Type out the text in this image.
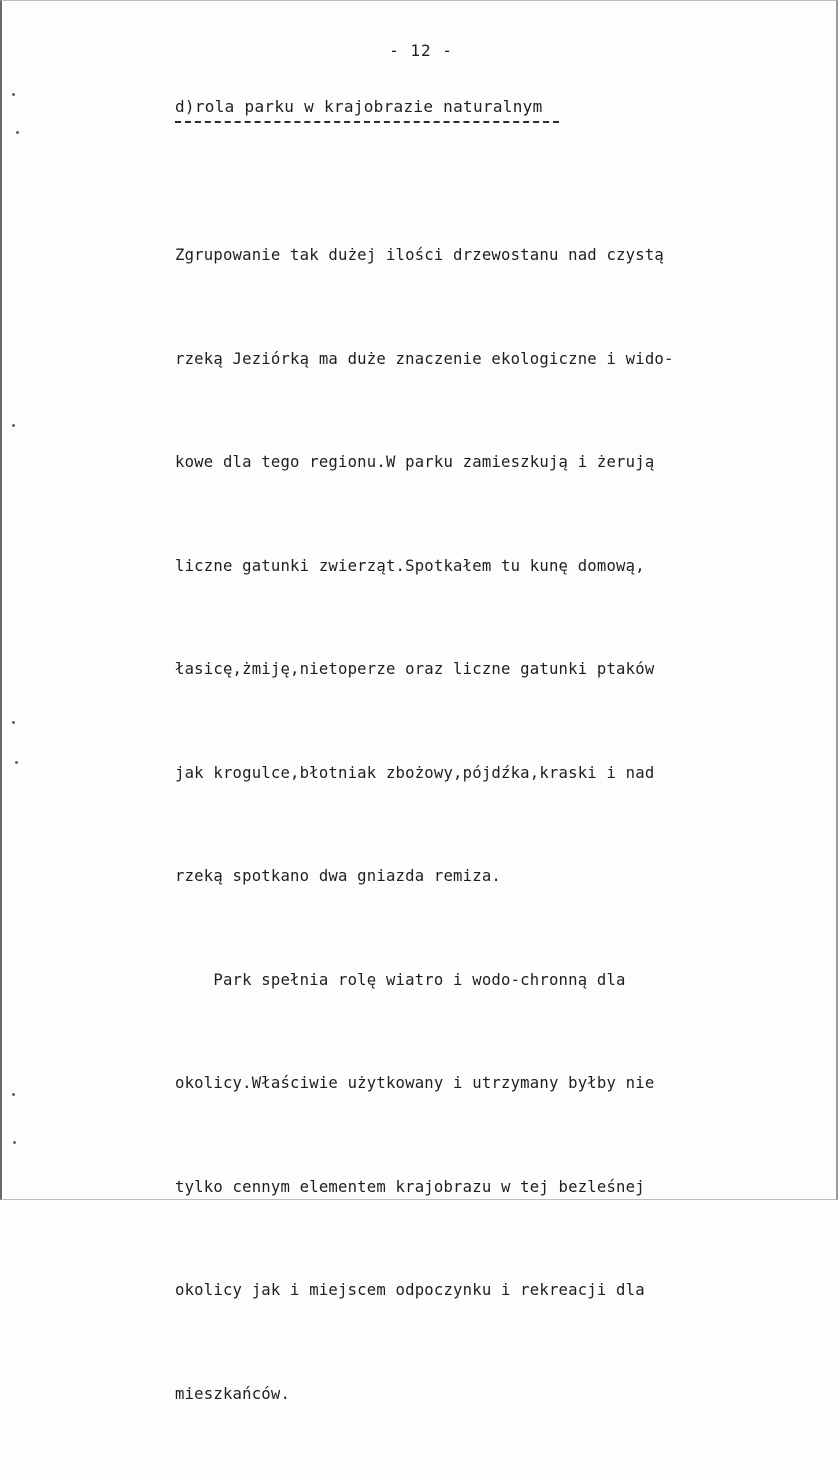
- 12 -
d)rola parku w krajobrazie naturalnym

Zgrupowanie tak dużej ilości drzewostanu nad czystą

rzeką Jeziórką ma duże znaczenie ekologiczne i wido-

kowe dla tego regionu.W parku zamieszkują i żerują

liczne gatunki zwierząt.Spotkałem tu kunę domową,

łasicę,żmiję,nietoperze oraz liczne gatunki ptaków

jak krogulce,błotniak zbożowy,pójdźka,kraski i nad

rzeką spotkano dwa gniazda remiza.

Park spełnia rolę wiatro i wodo-chronną dla

okolicy.Właściwie użytkowany i utrzymany byłby nie

tylko cennym elementem krajobrazu w tej bezleśnej

okolicy jak i miejscem odpoczynku i rekreacji dla

mieszkańców.
